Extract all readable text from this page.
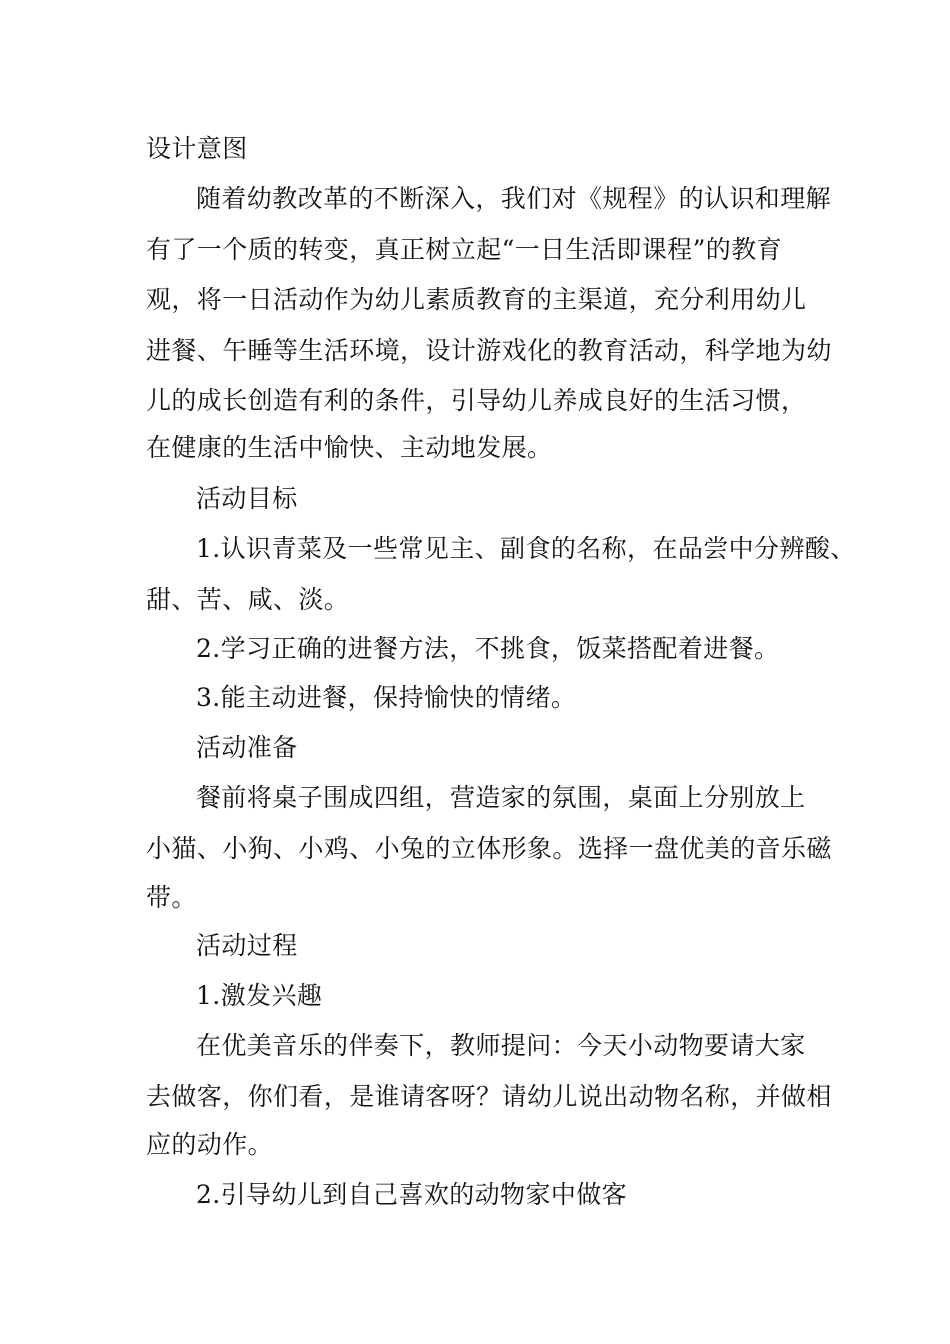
设计意图
随着幼教改革的不断深入，我们对《规程》的认识和理解
有了一个质的转变，真正树立起“一日生活即课程”的教育
观，将一日活动作为幼儿素质教育的主渠道，充分利用幼儿
进餐、午睡等生活环境，设计游戏化的教育活动，科学地为幼
儿的成长创造有利的条件，引导幼儿养成良好的生活习惯，
在健康的生活中愉快、主动地发展。
活动目标
1.认识青菜及一些常见主、副食的名称，在品尝中分辨酸、
甜、苦、咸、淡。
2.学习正确的进餐方法，不挑食，饭菜搭配着进餐。
3.能主动进餐，保持愉快的情绪。
活动准备
餐前将桌子围成四组，营造家的氛围，桌面上分别放上
小猫、小狗、小鸡、小兔的立体形象。选择一盘优美的音乐磁
带。
活动过程
1.激发兴趣
在优美音乐的伴奏下，教师提问：今天小动物要请大家
去做客，你们看，是谁请客呀？请幼儿说出动物名称，并做相
应的动作。
2.引导幼儿到自己喜欢的动物家中做客
